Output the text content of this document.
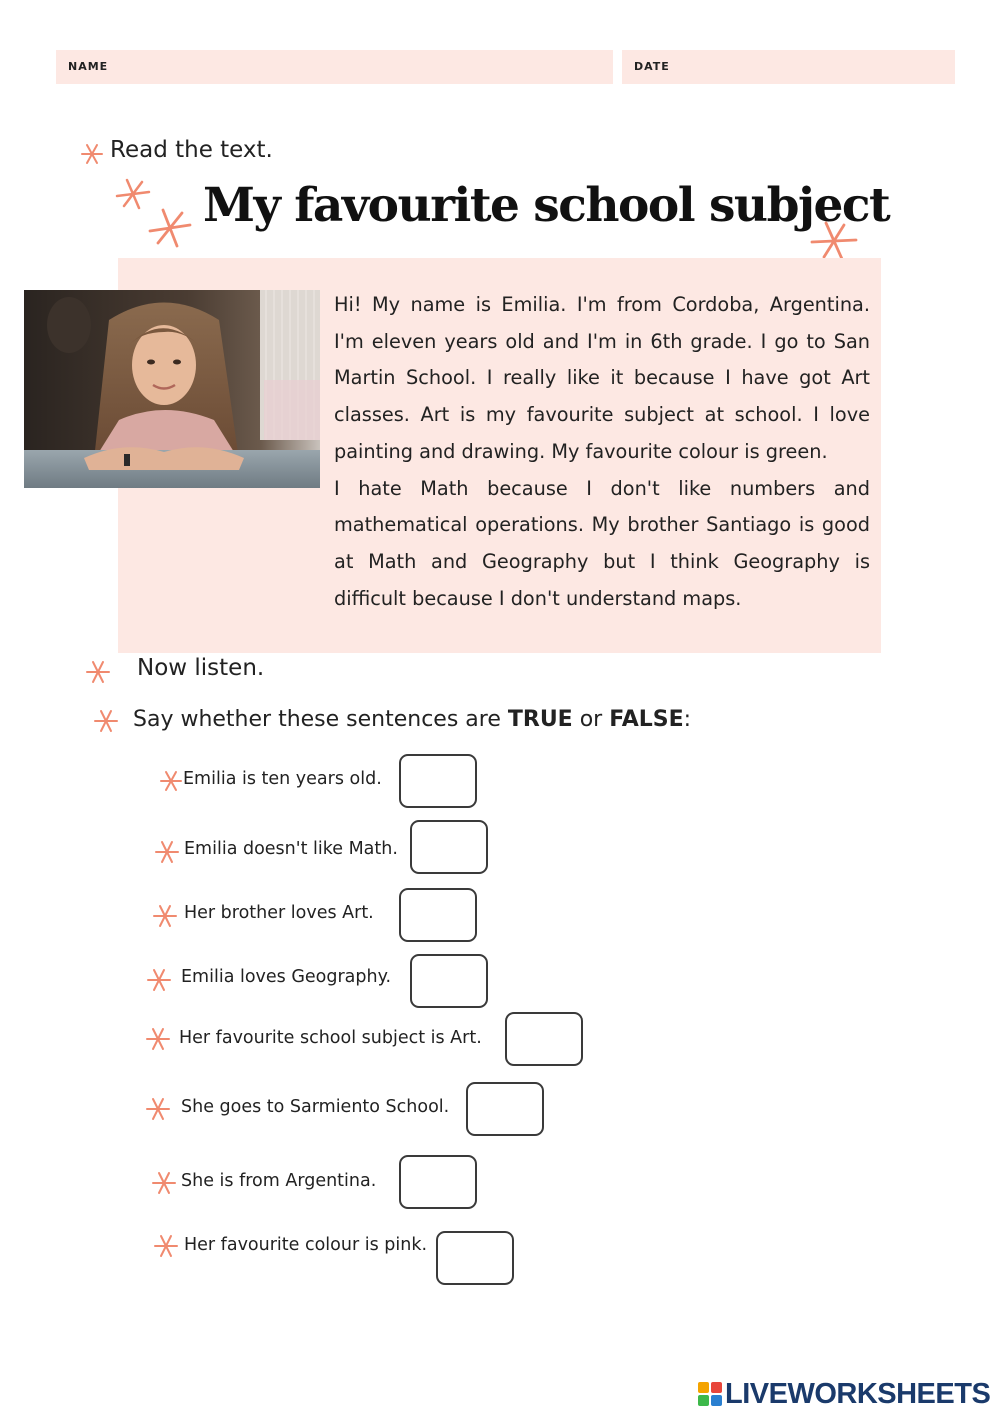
NAME	DATE
Read the text.
My favourite school subject

Hi! My name is Emilia. I'm from Cordoba, Argentina. I'm eleven years old and I'm in 6th grade. I go to San Martin School. I really like it because I have got Art classes. Art is my favourite subject at school. I love painting and drawing. My favourite colour is green.

I hate Math because I don't like numbers and mathematical operations. My brother Santiago is good at Math and Geography but I think Geography is difficult because I don't understand maps.

Now listen.
Say whether these sentences are TRUE or FALSE:
Emilia is ten years old.
Emilia doesn't like Math.
Her brother loves Art.
Emilia loves Geography.
Her favourite school subject is Art.
She goes to Sarmiento School.
She is from Argentina.
Her favourite colour is pink.
LIVEWORKSHEETS
